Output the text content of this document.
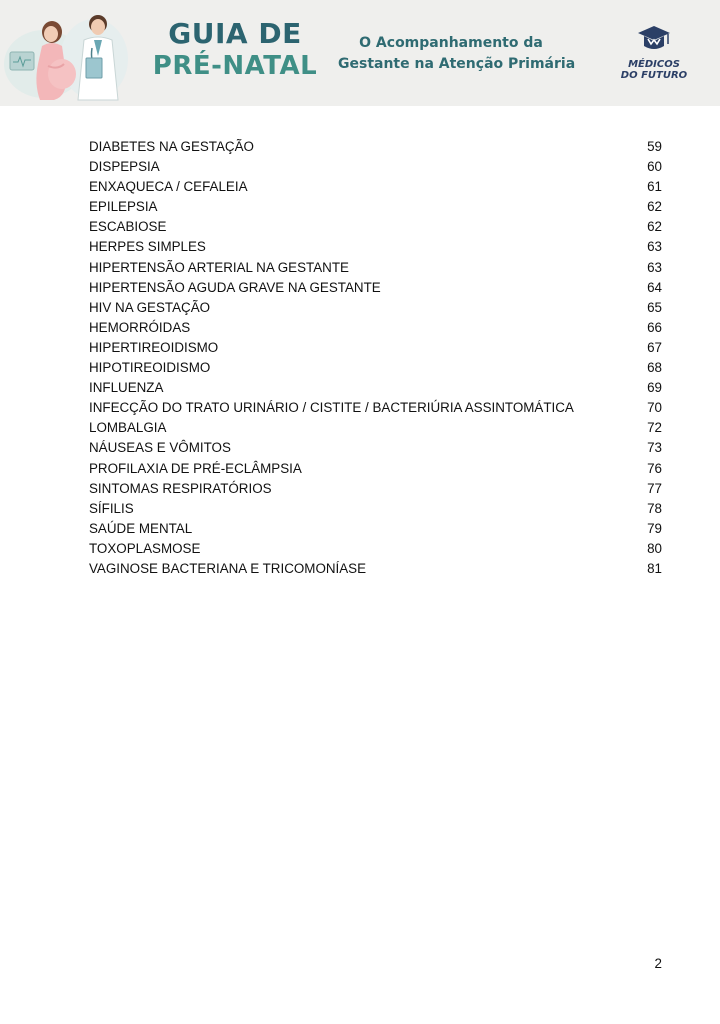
GUIA DE
PRÉ-NATAL
O Acompanhamento da
Gestante na Atenção Primária	MÉDICOS
DO FUTURO
DIABETES NA GESTAÇÃO	59
DISPEPSIA	60
ENXAQUECA / CEFALEIA	61
EPILEPSIA	62
ESCABIOSE	62
HERPES SIMPLES	63
HIPERTENSÃO ARTERIAL NA GESTANTE	63
HIPERTENSÃO AGUDA GRAVE NA GESTANTE	64
HIV NA GESTAÇÃO	65
HEMORRÓIDAS	66
HIPERTIREOIDISMO	67
HIPOTIREOIDISMO	68
INFLUENZA	69
INFECÇÃO DO TRATO URINÁRIO / CISTITE / BACTERIÚRIA ASSINTOMÁTICA	70
LOMBALGIA	72
NÁUSEAS E VÔMITOS	73
PROFILAXIA DE PRÉ-ECLÂMPSIA	76
SINTOMAS RESPIRATÓRIOS	77
SÍFILIS	78
SAÚDE MENTAL	79
TOXOPLASMOSE	80
VAGINOSE BACTERIANA E TRICOMONÍASE	81
2
